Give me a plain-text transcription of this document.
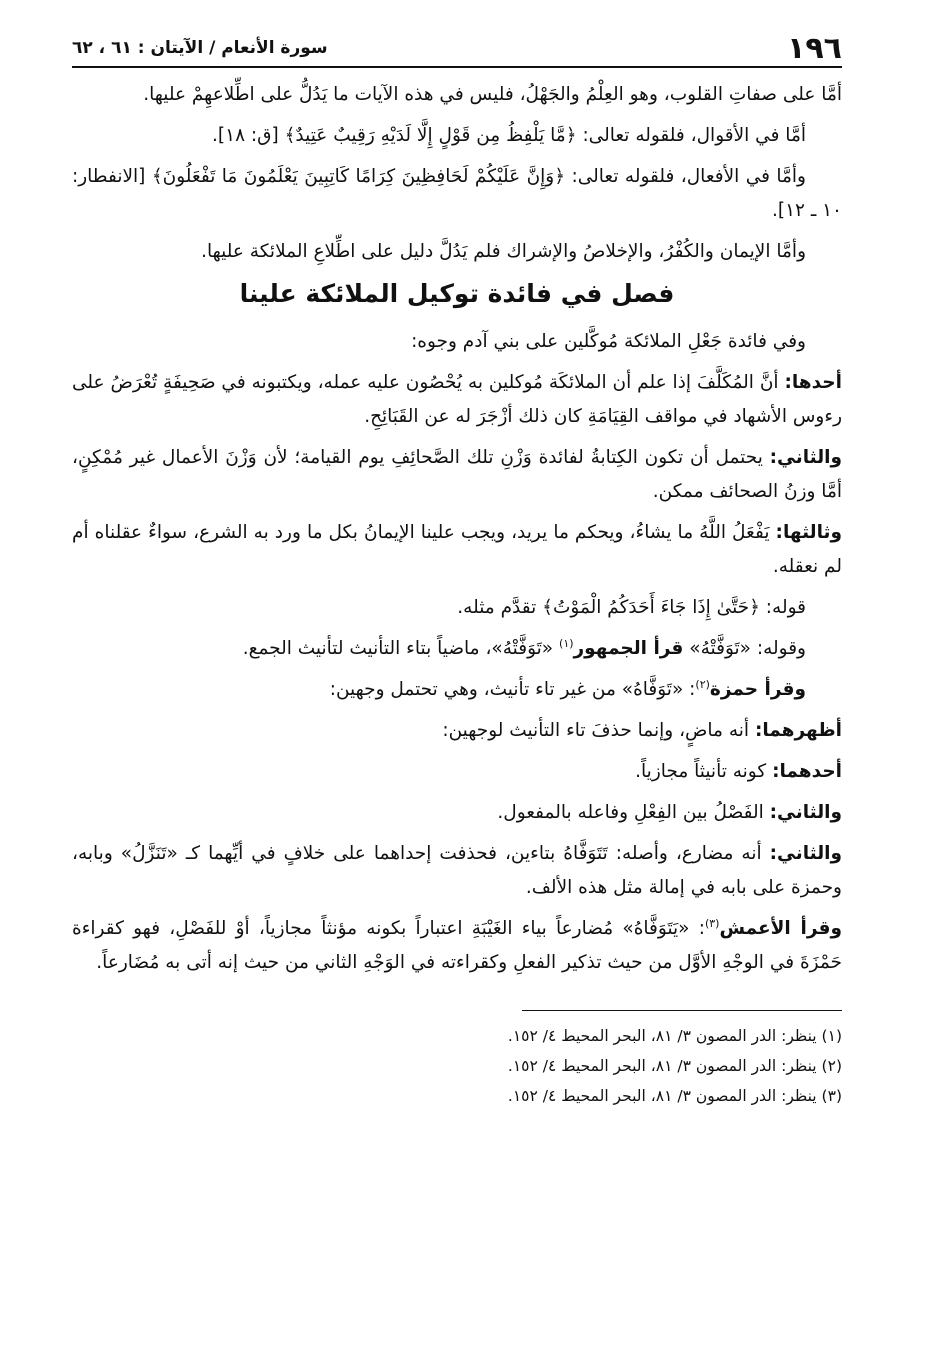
١٩٦
سورة الأنعام / الآيتان : ٦١ ، ٦٢

أمَّا على صفاتِ القلوب، وهو العِلْمُ والجَهْلُ، فليس في هذه الآيات ما يَدُلُّ على اطِّلاعهِمْ عليها.

أمَّا في الأقوال، فلقوله تعالى: ﴿مَّا يَلْفِظُ مِن قَوْلٍ إِلَّا لَدَيْهِ رَقِيبٌ عَتِيدٌ﴾ [ق: ١٨].

وأمَّا في الأفعال، فلقوله تعالى: ﴿وَإِنَّ عَلَيْكُمْ لَحَافِظِينَ كِرَامًا كَاتِبِينَ يَعْلَمُونَ مَا تَفْعَلُونَ﴾ [الانفطار: ١٠ ـ ١٢].

وأمَّا الإيمان والكُفْرُ، والإخلاصُ والإشراك فلم يَدُلَّ دليل على اطِّلاعِ الملائكة عليها.

فصل في فائدة توكيل الملائكة علينا

وفي فائدة جَعْلِ الملائكة مُوكَّلين على بني آدم وجوه:

أحدها: أنَّ المُكَلَّفَ إذا علم أن الملائكَة مُوكلين به يُحْصُون عليه عمله، ويكتبونه في صَحِيفَةٍ تُعْرَضُ على رءوس الأشهاد في مواقف القِيَامَةِ كان ذلك أزْجَرَ له عن القَبَائِحِ.

والثاني: يحتمل أن تكون الكِتابةُ لفائدة وَزْنِ تلك الصَّحائِفِ يوم القيامة؛ لأن وَزْنَ الأعمال غير مُمْكِنٍ، أمَّا وزنُ الصحائف ممكن.

وثالثها: يَفْعَلُ اللَّهُ ما يشاءُ، ويحكم ما يريد، ويجب علينا الإيمانُ بكل ما ورد به الشرع، سواءٌ عقلناه أم لم نعقله.

قوله: ﴿حَتَّىٰ إِذَا جَاءَ أَحَدَكُمُ الْمَوْتُ﴾ تقدَّم مثله.

وقوله: «تَوَفَّتْهُ» قرأ الجمهور$^{(١)}$ «تَوَفَّتْهُ»، ماضياً بتاء التأنيث لتأنيث الجمع.

وقرأ حمزة$^{(٢)}$: «تَوَفَّاهُ» من غير تاء تأنيث، وهي تحتمل وجهين:

أظهرهما: أنه ماضٍ، وإنما حذفَ تاء التأنيث لوجهين:

أحدهما: كونه تأنيثاً مجازياً.

والثاني: الفَصْلُ بين الفِعْلِ وفاعله بالمفعول.

والثاني: أنه مضارع، وأصله: تَتَوَفَّاهُ بتاءين، فحذفت إحداهما على خلافٍ في أيِّهما كـ «تَنَزَّلُ» وبابه، وحمزة على بابه في إمالة مثل هذه الألف.

وقرأ الأعمش$^{(٣)}$: «يَتَوَفَّاهُ» مُضارعاً بياء الغَيْبَةِ اعتباراً بكونه مؤنثاً مجازياً، أوْ للفَصْلِ، فهو كقراءة حَمْزَةَ في الوجْهِ الأوَّل من حيث تذكير الفعلِ وكقراءته في الوَجْهِ الثاني من حيث إنه أتى به مُضَارعاً.

(١) ينظر: الدر المصون ٣/ ٨١، البحر المحيط ٤/ ١٥٢.
(٢) ينظر: الدر المصون ٣/ ٨١، البحر المحيط ٤/ ١٥٢.
(٣) ينظر: الدر المصون ٣/ ٨١، البحر المحيط ٤/ ١٥٢.
